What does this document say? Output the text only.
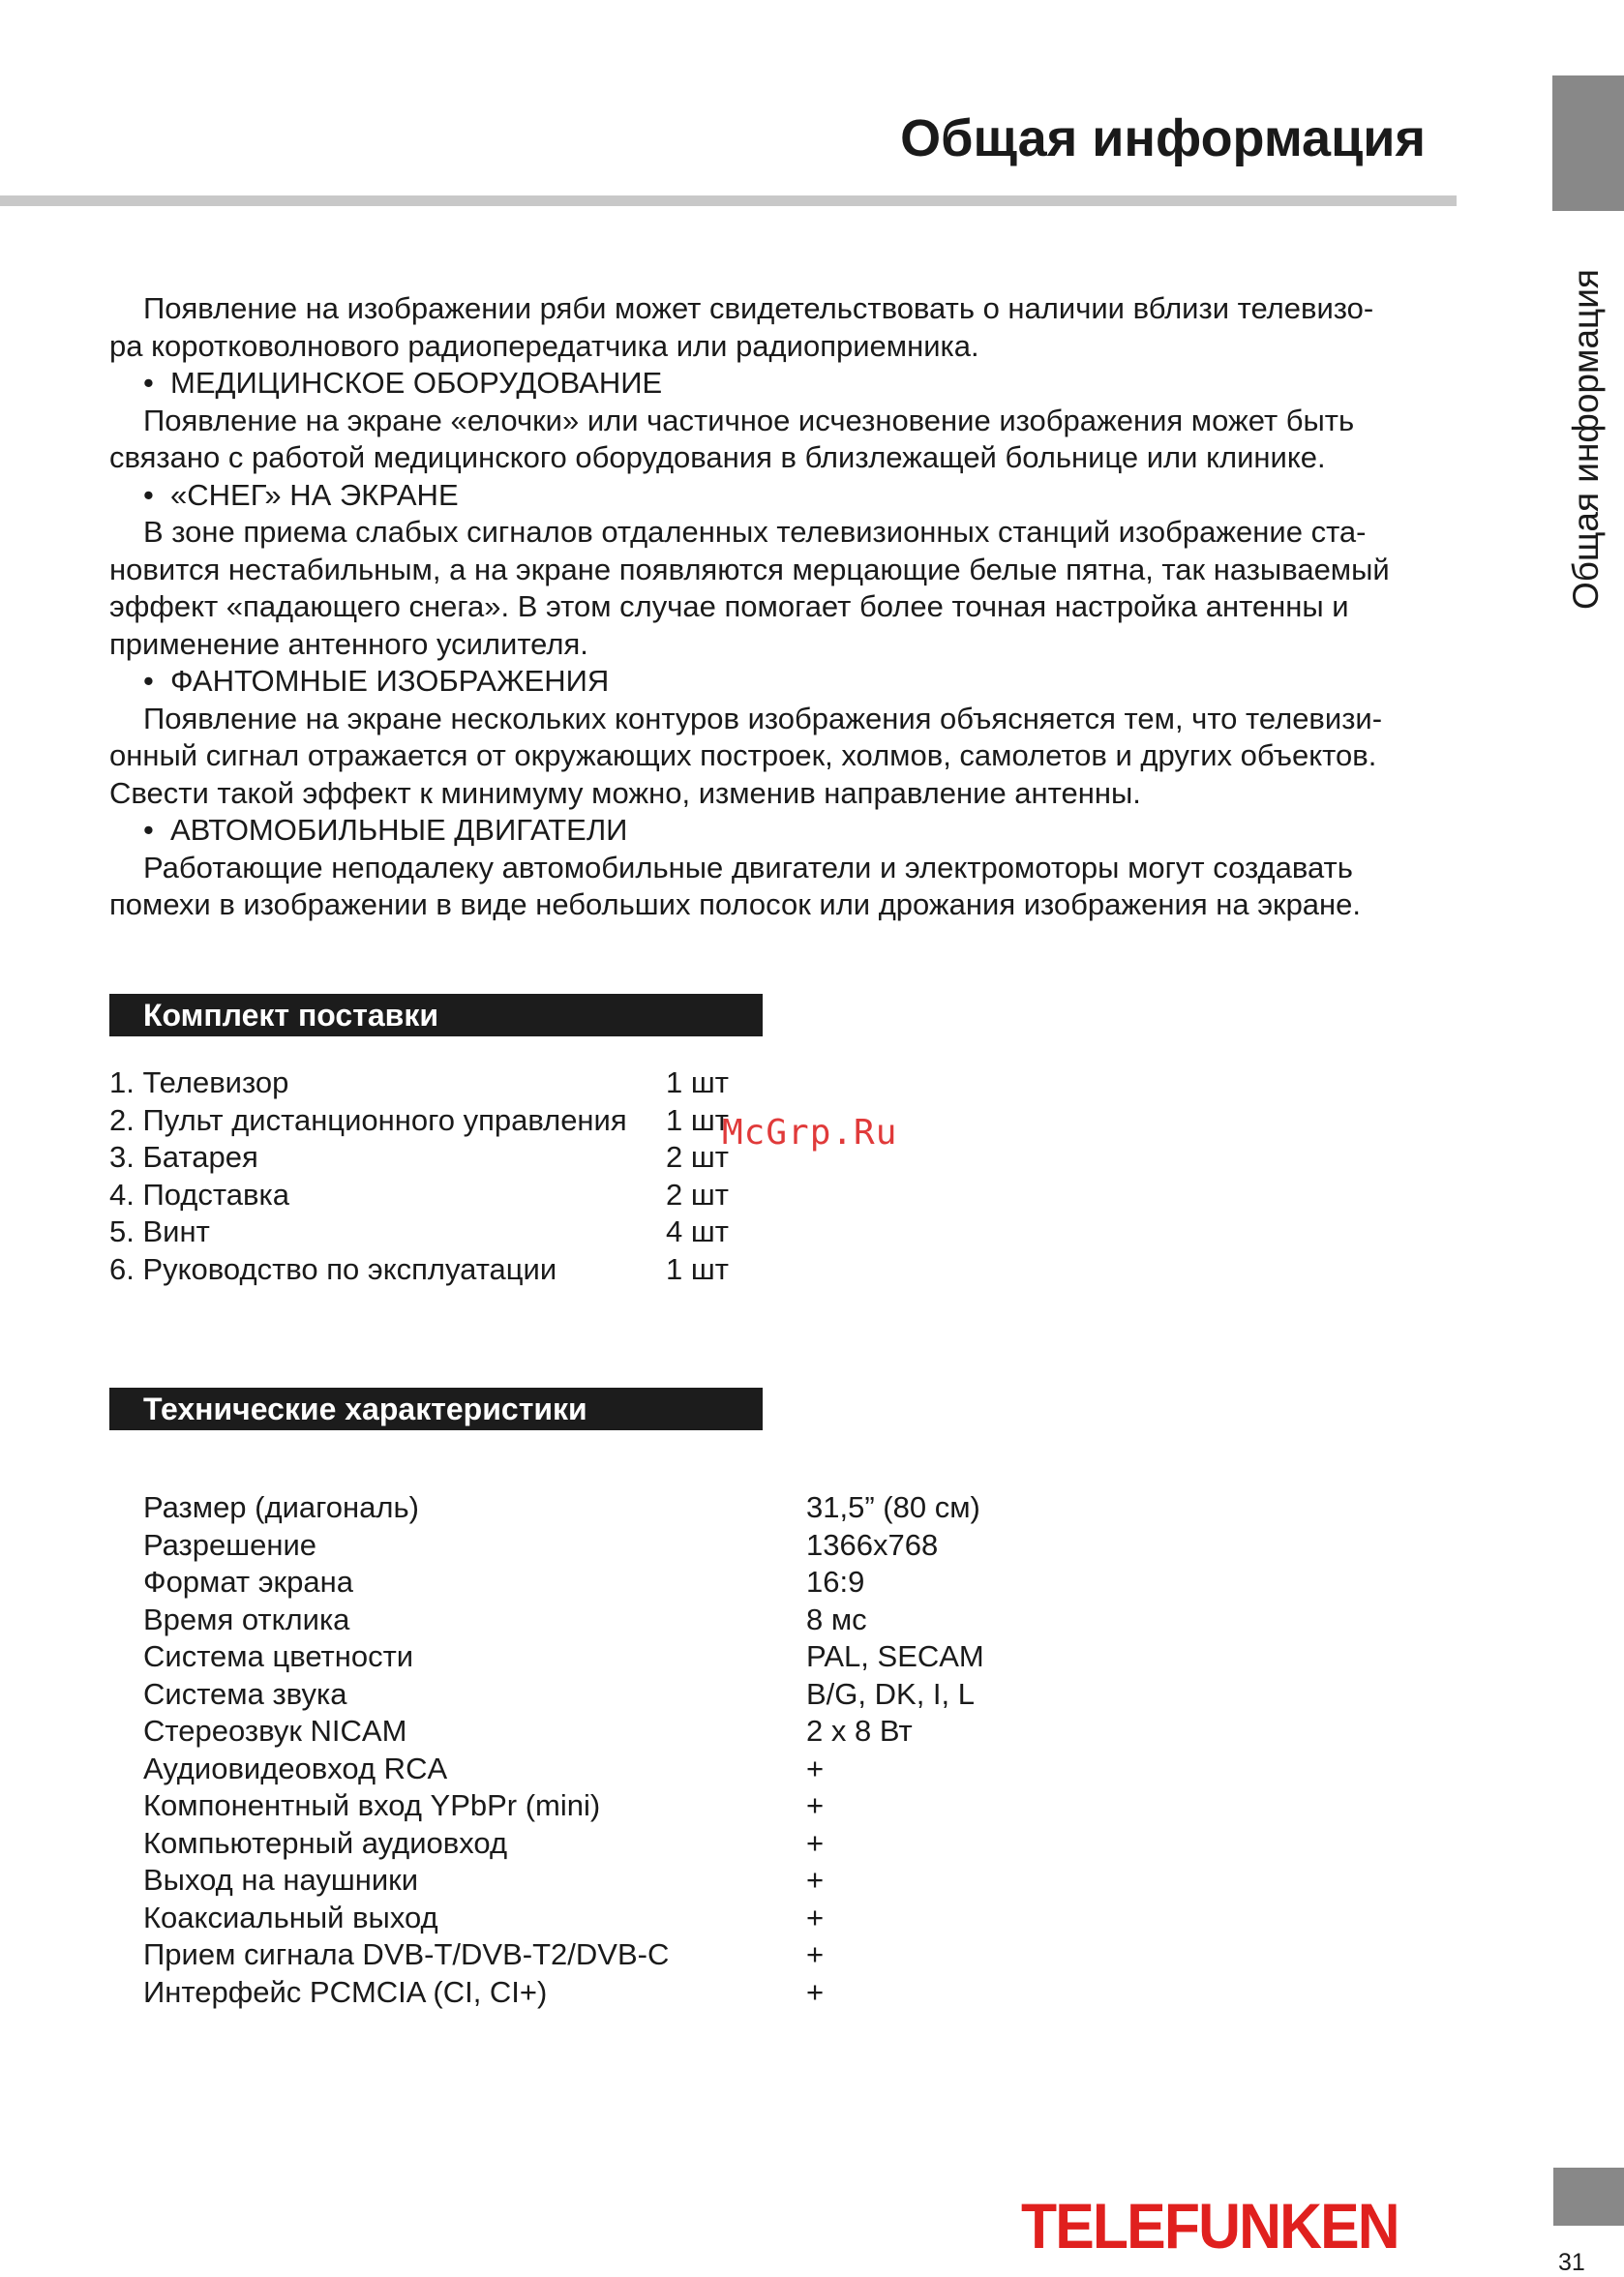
Общая информация
Общая информация
Появление на изображении ряби может свидетельствовать о наличии вблизи телевизо-
ра коротковолнового радиопередатчика или радиоприемника.
• МЕДИЦИНСКОЕ ОБОРУДОВАНИЕ
Появление на экране «елочки» или частичное исчезновение изображения может быть
связано с работой медицинского оборудования в близлежащей больнице или клинике.
• «СНЕГ» НА ЭКРАНЕ
В зоне приема слабых сигналов отдаленных телевизионных станций изображение ста-
новится нестабильным, а на экране появляются мерцающие белые пятна, так называемый
эффект «падающего снега». В этом случае помогает более точная настройка антенны и
применение антенного усилителя.
• ФАНТОМНЫЕ ИЗОБРАЖЕНИЯ
Появление на экране нескольких контуров изображения объясняется тем, что телевизи-
онный сигнал отражается от окружающих построек, холмов, самолетов и других объектов.
Свести такой эффект к минимуму можно, изменив направление антенны.
• АВТОМОБИЛЬНЫЕ ДВИГАТЕЛИ
Работающие неподалеку автомобильные двигатели и электромоторы могут создавать
помехи в изображении в виде небольших полосок или дрожания изображения на экране.
Комплект поставки
1. Телевизор	1 шт
2. Пульт дистанционного управления	1 шт
3. Батарея	2 шт
4. Подставка	2 шт
5. Винт	4 шт
6. Руководство по эксплуатации	1 шт
McGrp.Ru
Технические характеристики
Размер (диагональ)	31,5” (80 см)
Разрешение	1366x768
Формат экрана	16:9
Время отклика	8 мс
Система цветности	PAL, SECAM
Система звука	B/G, DK, I, L
Стереозвук NICAM	2 x 8 Вт
Аудиовидеовход RCA	+
Компонентный вход YPbPr (mini)	+
Компьютерный аудиовход	+
Выход на наушники	+
Коаксиальный выход	+
Прием сигнала DVB-T/DVB-T2/DVB-C	+
Интерфейс PCMCIA (CI, CI+)	+
TELEFUNKEN
31
